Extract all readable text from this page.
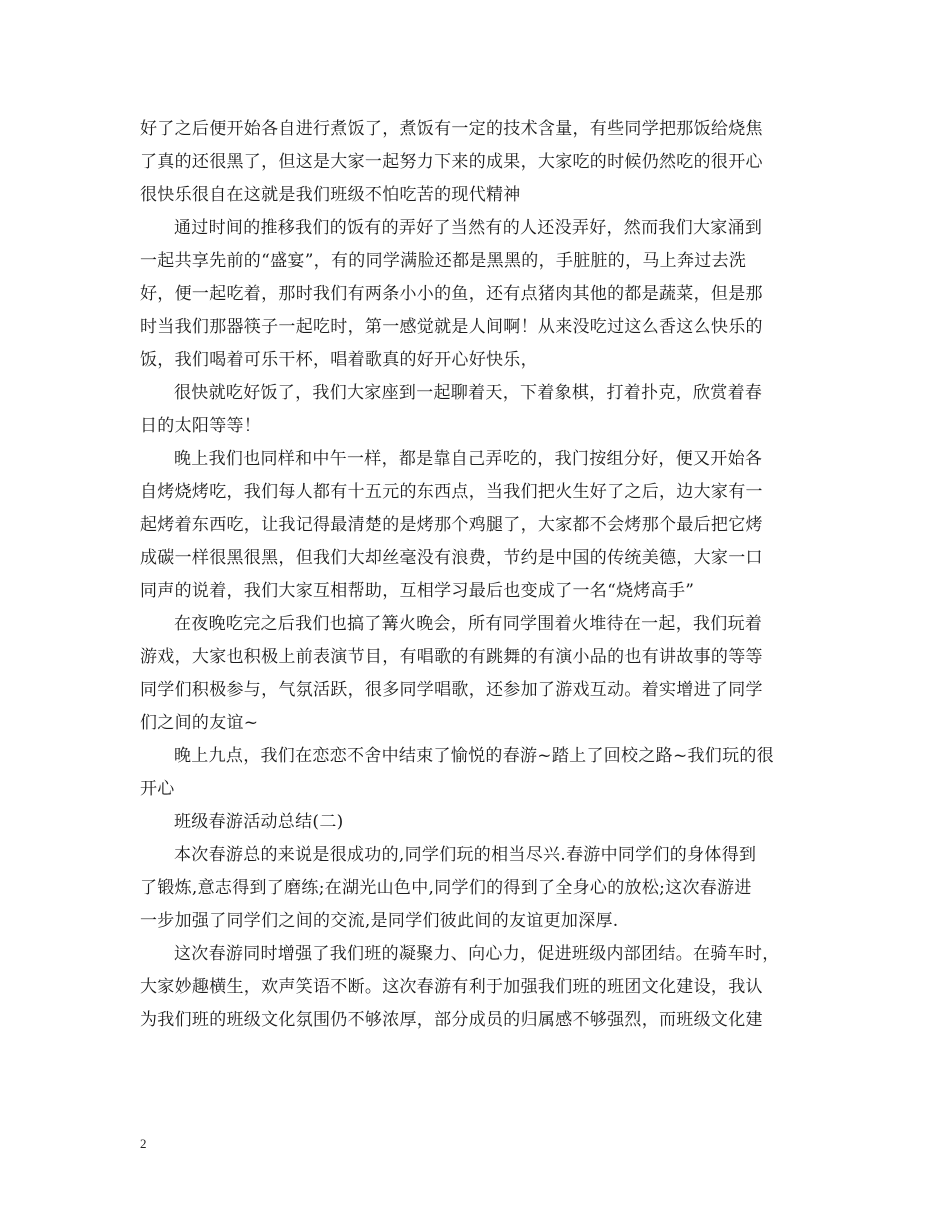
好了之后便开始各自进行煮饭了，煮饭有一定的技术含量，有些同学把那饭给烧焦
了真的还很黑了，但这是大家一起努力下来的成果，大家吃的时候仍然吃的很开心
很快乐很自在这就是我们班级不怕吃苦的现代精神

通过时间的推移我们的饭有的弄好了当然有的人还没弄好，然而我们大家涌到
一起共享先前的“盛宴”，有的同学满脸还都是黑黑的，手脏脏的，马上奔过去洗
好，便一起吃着，那时我们有两条小小的鱼，还有点猪肉其他的都是蔬菜，但是那
时当我们那器筷子一起吃时，第一感觉就是人间啊！从来没吃过这么香这么快乐的
饭，我们喝着可乐干杯，唱着歌真的好开心好快乐，

很快就吃好饭了，我们大家座到一起聊着天，下着象棋，打着扑克，欣赏着春
日的太阳等等！

晚上我们也同样和中午一样，都是靠自己弄吃的，我门按组分好，便又开始各
自烤烧烤吃，我们每人都有十五元的东西点，当我们把火生好了之后，边大家有一
起烤着东西吃，让我记得最清楚的是烤那个鸡腿了，大家都不会烤那个最后把它烤
成碳一样很黑很黑，但我们大却丝毫没有浪费，节约是中国的传统美德，大家一口
同声的说着，我们大家互相帮助，互相学习最后也变成了一名“烧烤高手”

在夜晚吃完之后我们也搞了篝火晚会，所有同学围着火堆待在一起，我们玩着
游戏，大家也积极上前表演节目，有唱歌的有跳舞的有演小品的也有讲故事的等等
同学们积极参与，气氛活跃，很多同学唱歌，还参加了游戏互动。着实增进了同学
们之间的友谊~

晚上九点，我们在恋恋不舍中结束了愉悦的春游~踏上了回校之路~我们玩的很
开心

班级春游活动总结(二)

本次春游总的来说是很成功的,同学们玩的相当尽兴.春游中同学们的身体得到
了锻炼,意志得到了磨练;在湖光山色中,同学们的得到了全身心的放松;这次春游进
一步加强了同学们之间的交流,是同学们彼此间的友谊更加深厚.

这次春游同时增强了我们班的凝聚力、向心力，促进班级内部团结。在骑车时，
大家妙趣横生，欢声笑语不断。这次春游有利于加强我们班的班团文化建设，我认
为我们班的班级文化氛围仍不够浓厚，部分成员的归属感不够强烈，而班级文化建

2
